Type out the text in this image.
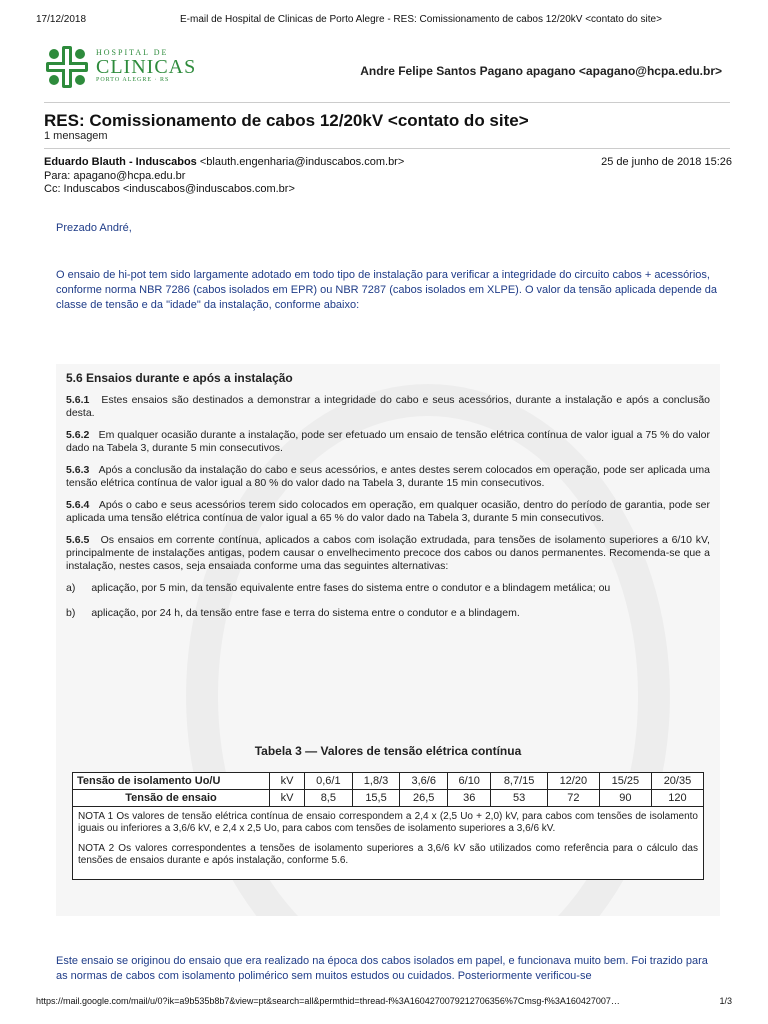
17/12/2018	E-mail de Hospital de Clinicas de Porto Alegre - RES: Comissionamento de cabos 12/20kV <contato do site>
HOSPITAL DE
CLINICAS
PORTO ALEGRE · RS
Andre Felipe Santos Pagano apagano <apagano@hcpa.edu.br>
RES: Comissionamento de cabos 12/20kV <contato do site>
1 mensagem
Eduardo Blauth - Induscabos <blauth.engenharia@induscabos.com.br>	25 de junho de 2018 15:26
Para: apagano@hcpa.edu.br
Cc: Induscabos <induscabos@induscabos.com.br>
Prezado André,
O ensaio de hi-pot tem sido largamente adotado em todo tipo de instalação para verificar a integridade do circuito cabos + acessórios, conforme norma NBR 7286 (cabos isolados em EPR) ou NBR 7287 (cabos isolados em XLPE). O valor da tensão aplicada depende da classe de tensão e da "idade" da instalação, conforme abaixo:
5.6 Ensaios durante e após a instalação

5.6.1 Estes ensaios são destinados a demonstrar a integridade do cabo e seus acessórios, durante a instalação e após a conclusão desta.

5.6.2 Em qualquer ocasião durante a instalação, pode ser efetuado um ensaio de tensão elétrica contínua de valor igual a 75 % do valor dado na Tabela 3, durante 5 min consecutivos.

5.6.3 Após a conclusão da instalação do cabo e seus acessórios, e antes destes serem colocados em operação, pode ser aplicada uma tensão elétrica contínua de valor igual a 80 % do valor dado na Tabela 3, durante 15 min consecutivos.

5.6.4 Após o cabo e seus acessórios terem sido colocados em operação, em qualquer ocasião, dentro do período de garantia, pode ser aplicada uma tensão elétrica contínua de valor igual a 65 % do valor dado na Tabela 3, durante 5 min consecutivos.

5.6.5 Os ensaios em corrente contínua, aplicados a cabos com isolação extrudada, para tensões de isolamento superiores a 6/10 kV, principalmente de instalações antigas, podem causar o envelhecimento precoce dos cabos ou danos permanentes. Recomenda-se que a instalação, nestes casos, seja ensaiada conforme uma das seguintes alternativas:

a) aplicação, por 5 min, da tensão equivalente entre fases do sistema entre o condutor e a blindagem metálica; ou
b) aplicação, por 24 h, da tensão entre fase e terra do sistema entre o condutor e a blindagem.
Tabela 3 — Valores de tensão elétrica contínua
Tensão de isolamento Uo/U	kV	0,6/1	1,8/3	3,6/6	6/10	8,7/15	12/20	15/25	20/35
Tensão de ensaio	kV	8,5	15,5	26,5	36	53	72	90	120

NOTA 1 Os valores de tensão elétrica contínua de ensaio correspondem a 2,4 x (2,5 Uo + 2,0) kV, para cabos com tensões de isolamento iguais ou inferiores a 3,6/6 kV, e 2,4 x 2,5 Uo, para cabos com tensões de isolamento superiores a 3,6/6 kV.

NOTA 2 Os valores correspondentes a tensões de isolamento superiores a 3,6/6 kV são utilizados como referência para o cálculo das tensões de ensaios durante e após instalação, conforme 5.6.									

Este ensaio se originou do ensaio que era realizado na época dos cabos isolados em papel, e funcionava muito bem. Foi trazido para as normas de cabos com isolamento polimérico sem muitos estudos ou cuidados. Posteriormente verificou-se
https://mail.google.com/mail/u/0?ik=a9b535b8b7&view=pt&search=all&permthid=thread-f%3A1604270079212706356%7Cmsg-f%3A160427007…	1/3
